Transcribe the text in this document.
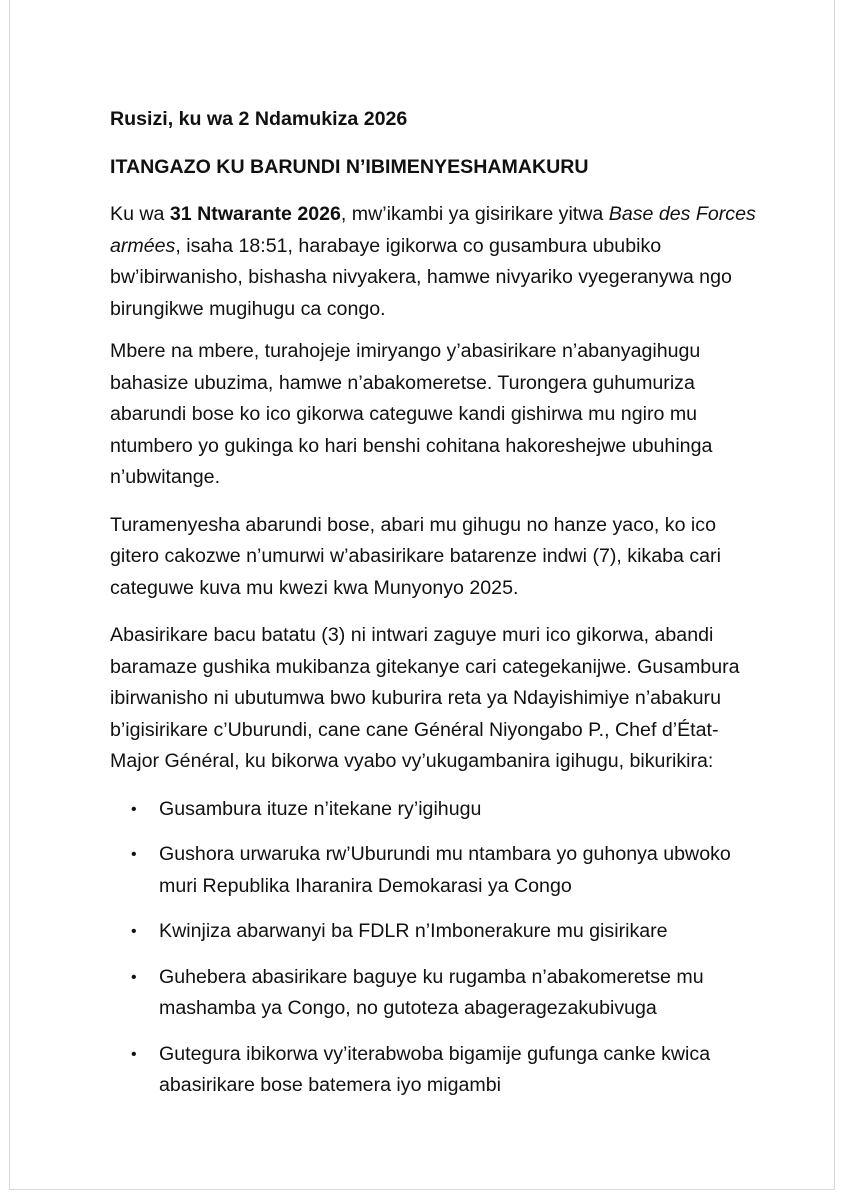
Rusizi, ku wa 2 Ndamukiza 2026
ITANGAZO KU BARUNDI N’IBIMENYESHAMAKURU

Ku wa 31 Ntwarante 2026, mw’ikambi ya gisirikare yitwa Base des Forces armées, isaha 18:51, harabaye igikorwa co gusambura ububiko bw’ibirwanisho, bishasha nivyakera, hamwe nivyariko vyegeranywa ngo birungikwe mugihugu ca congo.

Mbere na mbere, turahojeje imiryango y’abasirikare n’abanyagihugu bahasize ubuzima, hamwe n’abakomeretse. Turongera guhumuriza abarundi bose ko ico gikorwa categuwe kandi gishirwa mu ngiro mu ntumbero yo gukinga ko hari benshi cohitana hakoreshejwe ubuhinga n’ubwitange.

Turamenyesha abarundi bose, abari mu gihugu no hanze yaco, ko ico gitero cakozwe n’umurwi w’abasirikare batarenze indwi (7), kikaba cari categuwe kuva mu kwezi kwa Munyonyo 2025.

Abasirikare bacu batatu (3) ni intwari zaguye muri ico gikorwa, abandi baramaze gushika mukibanza gitekanye cari categekanijwe. Gusambura ibirwanisho ni ubutumwa bwo kuburira reta ya Ndayishimiye n’abakuru b’igisirikare c’Uburundi, cane cane Général Niyongabo P., Chef d’État-Major Général, ku bikorwa vyabo vy’ukugambanira igihugu, bikurikira:

• Gusambura ituze n’itekane ry’igihugu
• Gushora urwaruka rw’Uburundi mu ntambara yo guhonya ubwoko muri Republika Iharanira Demokarasi ya Congo
• Kwinjiza abarwanyi ba FDLR n’Imbonerakure mu gisirikare
• Guhebera abasirikare baguye ku rugamba n’abakomeretse mu mashamba ya Congo, no gutoteza abageragezakubivuga
• Gutegura ibikorwa vy’iterabwoba bigamije gufunga canke kwica abasirikare bose batemera iyo migambi
